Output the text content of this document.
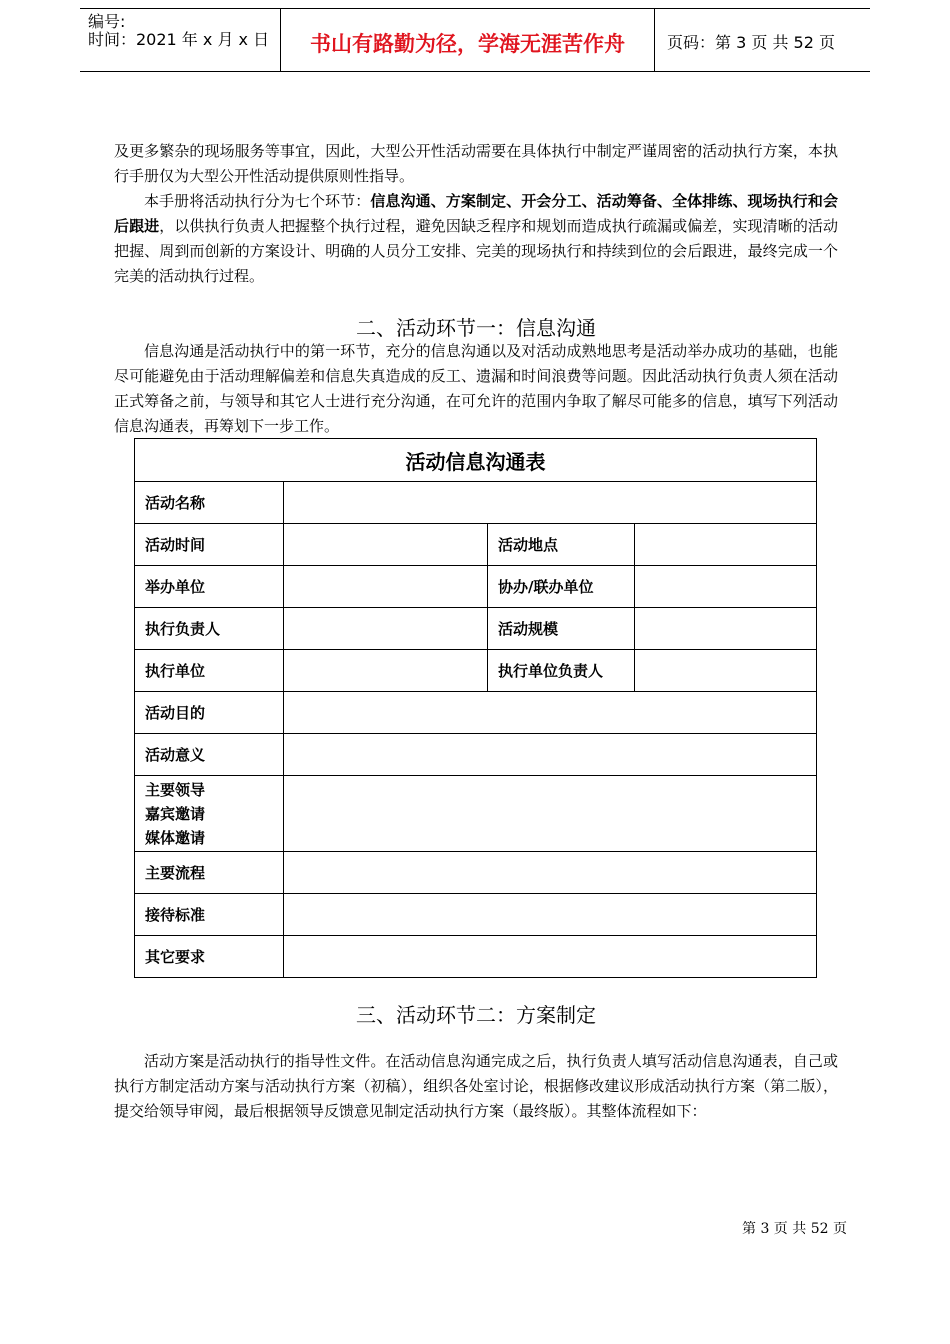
编号:
时间：2021 年 x 月 x 日	书山有路勤为径，学海无涯苦作舟	页码：第 3 页 共 52 页
及更多繁杂的现场服务等事宜，因此，大型公开性活动需要在具体执行中制定严谨周密的活动执行方案，本执行手册仅为大型公开性活动提供原则性指导。
本手册将活动执行分为七个环节：信息沟通、方案制定、开会分工、活动筹备、全体排练、现场执行和会后跟进，以供执行负责人把握整个执行过程，避免因缺乏程序和规划而造成执行疏漏或偏差，实现清晰的活动把握、周到而创新的方案设计、明确的人员分工安排、完美的现场执行和持续到位的会后跟进，最终完成一个完美的活动执行过程。
二、活动环节一：信息沟通
信息沟通是活动执行中的第一环节，充分的信息沟通以及对活动成熟地思考是活动举办成功的基础，也能尽可能避免由于活动理解偏差和信息失真造成的反工、遗漏和时间浪费等问题。因此活动执行负责人须在活动正式筹备之前，与领导和其它人士进行充分沟通，在可允许的范围内争取了解尽可能多的信息，填写下列活动信息沟通表，再筹划下一步工作。
活动信息沟通表			
活动名称			
活动时间		活动地点	
举办单位		协办/联办单位	
执行负责人		活动规模	
执行单位		执行单位负责人	
活动目的			
活动意义			

主要领导
嘉宾邀请
媒体邀请			

主要流程			
接待标准			
其它要求			
三、活动环节二：方案制定
活动方案是活动执行的指导性文件。在活动信息沟通完成之后，执行负责人填写活动信息沟通表，自己或执行方制定活动方案与活动执行方案（初稿），组织各处室讨论，根据修改建议形成活动执行方案（第二版），提交给领导审阅，最后根据领导反馈意见制定活动执行方案（最终版）。其整体流程如下：
第 3 页 共 52 页
